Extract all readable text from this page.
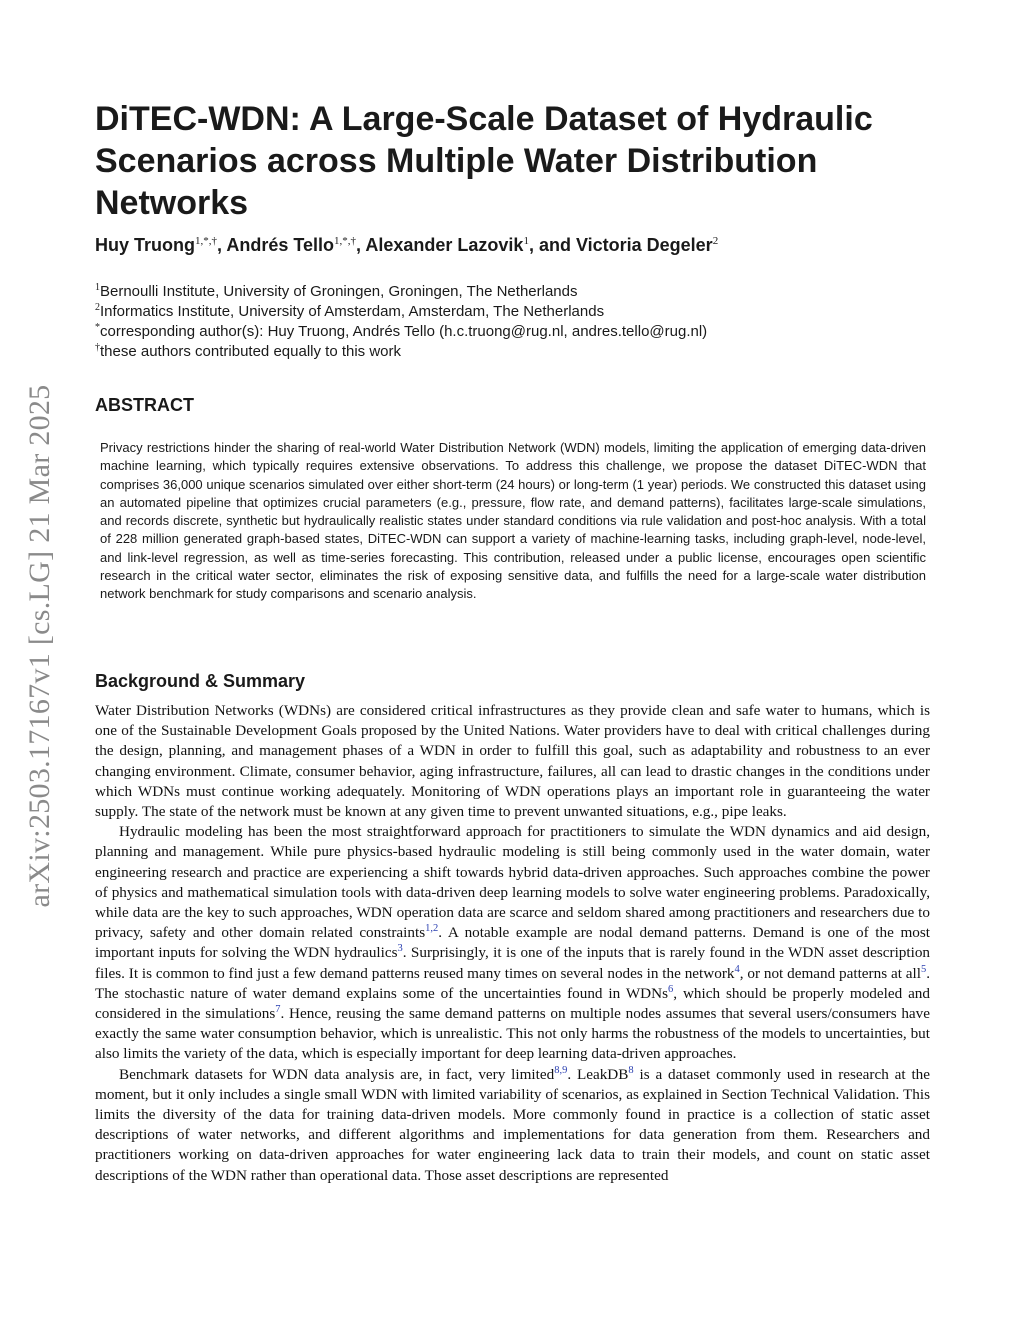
arXiv:2503.17167v1 [cs.LG] 21 Mar 2025
DiTEC-WDN: A Large-Scale Dataset of Hydraulic Scenarios across Multiple Water Distribution Networks

Huy Truong$^{1,*,\dagger}$, Andrés Tello$^{1,*,\dagger}$, Alexander Lazovik$^1$, and Victoria Degeler$^2$

$^1$Bernoulli Institute, University of Groningen, Groningen, The Netherlands

$^2$Informatics Institute, University of Amsterdam, Amsterdam, The Netherlands

*corresponding author(s): Huy Truong, Andrés Tello (h.c.truong@rug.nl, andres.tello@rug.nl)

†these authors contributed equally to this work

ABSTRACT

Privacy restrictions hinder the sharing of real-world Water Distribution Network (WDN) models, limiting the application of emerging data-driven machine learning, which typically requires extensive observations. To address this challenge, we propose the dataset DiTEC-WDN that comprises 36,000 unique scenarios simulated over either short-term (24 hours) or long-term (1 year) periods. We constructed this dataset using an automated pipeline that optimizes crucial parameters (e.g., pressure, flow rate, and demand patterns), facilitates large-scale simulations, and records discrete, synthetic but hydraulically realistic states under standard conditions via rule validation and post-hoc analysis. With a total of 228 million generated graph-based states, DiTEC-WDN can support a variety of machine-learning tasks, including graph-level, node-level, and link-level regression, as well as time-series forecasting. This contribution, released under a public license, encourages open scientific research in the critical water sector, eliminates the risk of exposing sensitive data, and fulfills the need for a large-scale water distribution network benchmark for study comparisons and scenario analysis.

Background & Summary

Water Distribution Networks (WDNs) are considered critical infrastructures as they provide clean and safe water to humans, which is one of the Sustainable Development Goals proposed by the United Nations. Water providers have to deal with critical challenges during the design, planning, and management phases of a WDN in order to fulfill this goal, such as adaptability and robustness to an ever changing environment. Climate, consumer behavior, aging infrastructure, failures, all can lead to drastic changes in the conditions under which WDNs must continue working adequately. Monitoring of WDN operations plays an important role in guaranteeing the water supply. The state of the network must be known at any given time to prevent unwanted situations, e.g., pipe leaks.

Hydraulic modeling has been the most straightforward approach for practitioners to simulate the WDN dynamics and aid design, planning and management. While pure physics-based hydraulic modeling is still being commonly used in the water domain, water engineering research and practice are experiencing a shift towards hybrid data-driven approaches. Such approaches combine the power of physics and mathematical simulation tools with data-driven deep learning models to solve water engineering problems. Paradoxically, while data are the key to such approaches, WDN operation data are scarce and seldom shared among practitioners and researchers due to privacy, safety and other domain related constraints$^{1,2}$. A notable example are nodal demand patterns. Demand is one of the most important inputs for solving the WDN hydraulics$^3$. Surprisingly, it is one of the inputs that is rarely found in the WDN asset description files. It is common to find just a few demand patterns reused many times on several nodes in the network$^4$, or not demand patterns at all$^5$. The stochastic nature of water demand explains some of the uncertainties found in WDNs$^6$, which should be properly modeled and considered in the simulations$^7$. Hence, reusing the same demand patterns on multiple nodes assumes that several users/consumers have exactly the same water consumption behavior, which is unrealistic. This not only harms the robustness of the models to uncertainties, but also limits the variety of the data, which is especially important for deep learning data-driven approaches.

Benchmark datasets for WDN data analysis are, in fact, very limited$^{8,9}$. LeakDB$^8$ is a dataset commonly used in research at the moment, but it only includes a single small WDN with limited variability of scenarios, as explained in Section Technical Validation. This limits the diversity of the data for training data-driven models. More commonly found in practice is a collection of static asset descriptions of water networks, and different algorithms and implementations for data generation from them. Researchers and practitioners working on data-driven approaches for water engineering lack data to train their models, and count on static asset descriptions of the WDN rather than operational data. Those asset descriptions are represented
